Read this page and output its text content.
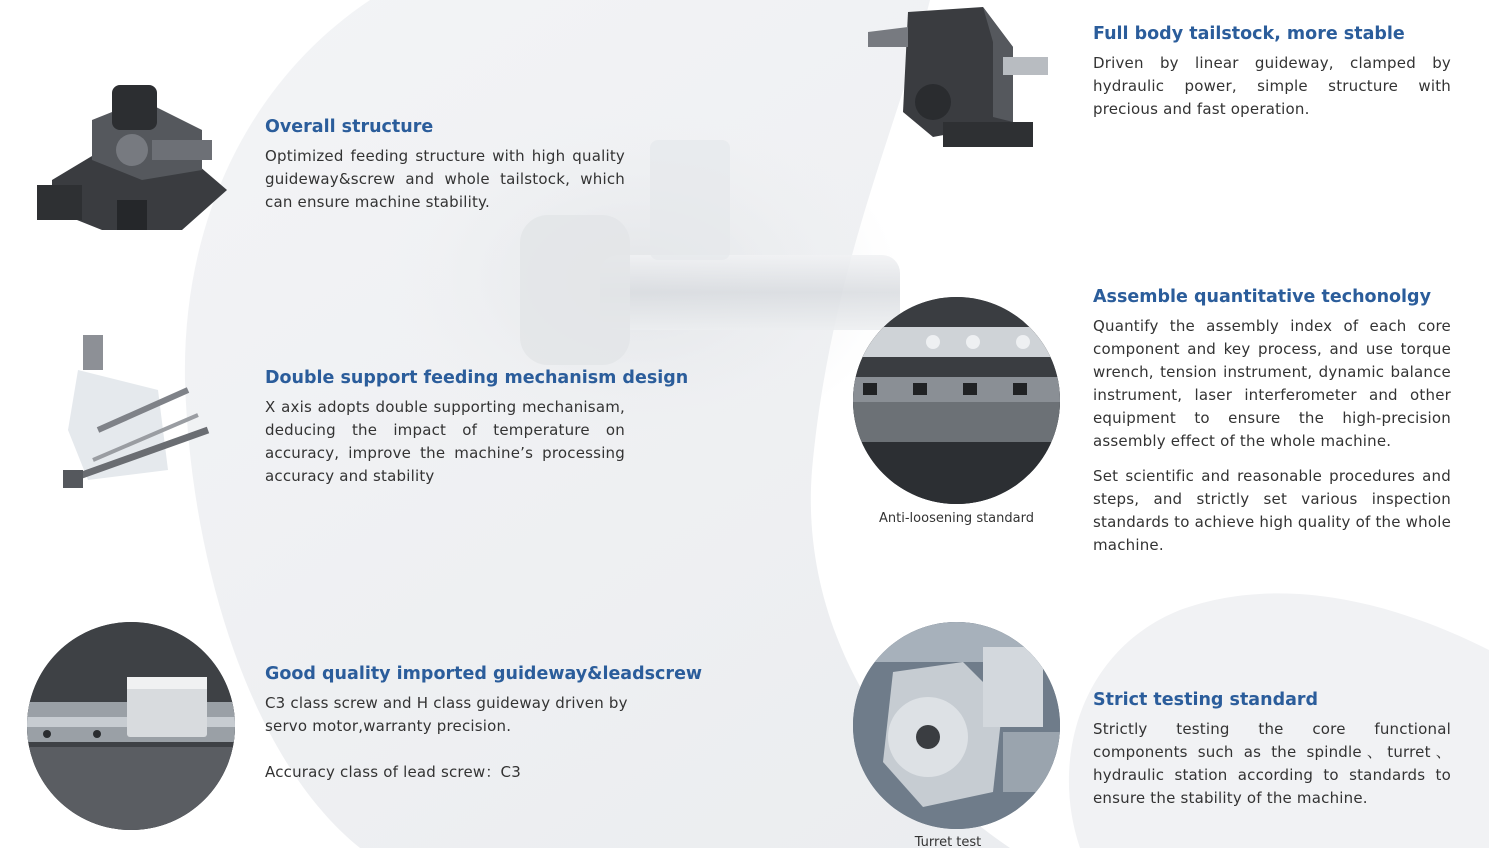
Overall structure

Optimized feeding structure with high quality guideway&screw and whole tailstock, which can ensure machine stability.

Double support feeding mechanism design

X axis adopts double supporting mechanisam, deducing the impact of temperature on accuracy, improve the machine’s processing accuracy and stability

Good quality imported guideway&leadscrew

C3 class screw and H class guideway driven by servo motor,warranty precision.

Accuracy class of lead screw：C3

Full body tailstock, more stable

Driven by linear guideway, clamped by hydraulic power, simple structure with precious and fast operation.

Anti-loosening standard
Assemble quantitative techonolgy

Quantify the assembly index of each core component and key process, and use torque wrench, tension instrument, dynamic balance instrument, laser interferometer and other equipment to ensure the high-precision assembly effect of the whole machine.

Set scientific and reasonable procedures and steps, and strictly set various inspection standards to achieve high quality of the whole machine.

Turret test
Strict testing standard

Strictly testing the core functional components such as the spindle、turret、hydraulic station according to standards to ensure the stability of the machine.
